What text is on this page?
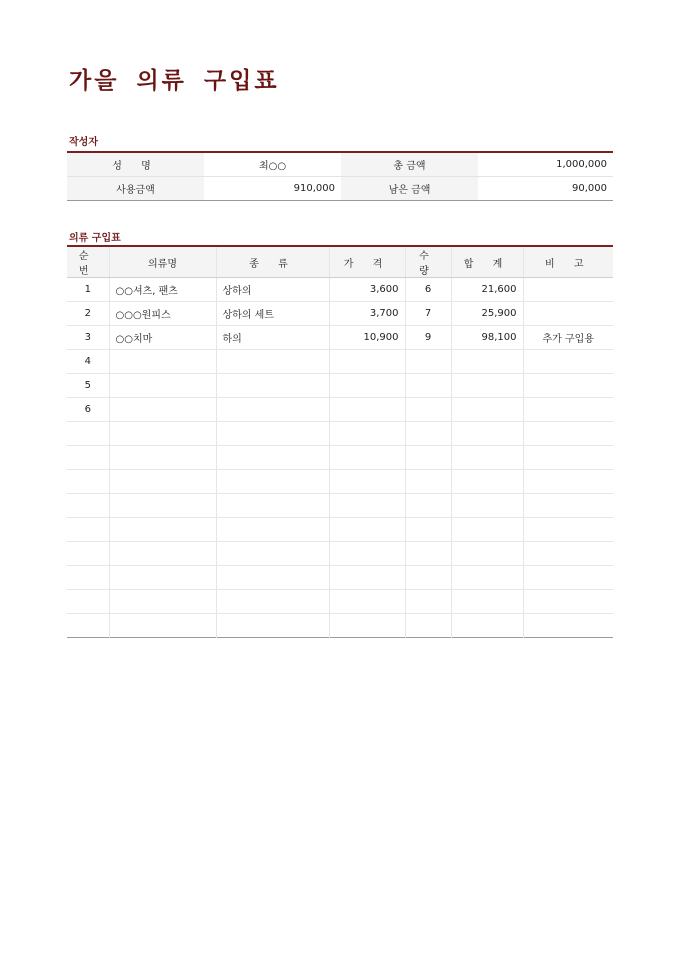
가을 의류 구입표
작성자
성 명	최○○	총 금액	1,000,000
사용금액	910,000	남은 금액	90,000
의류 구입표
순 번	의류명	종 류	가 격	수 량	합 계	비 고
1	○○셔츠, 팬츠	상하의	3,600	6	21,600	
2	○○○원피스	상하의 세트	3,700	7	25,900	
3	○○치마	하의	10,900	9	98,100	추가 구입용
4						
5						
6						
